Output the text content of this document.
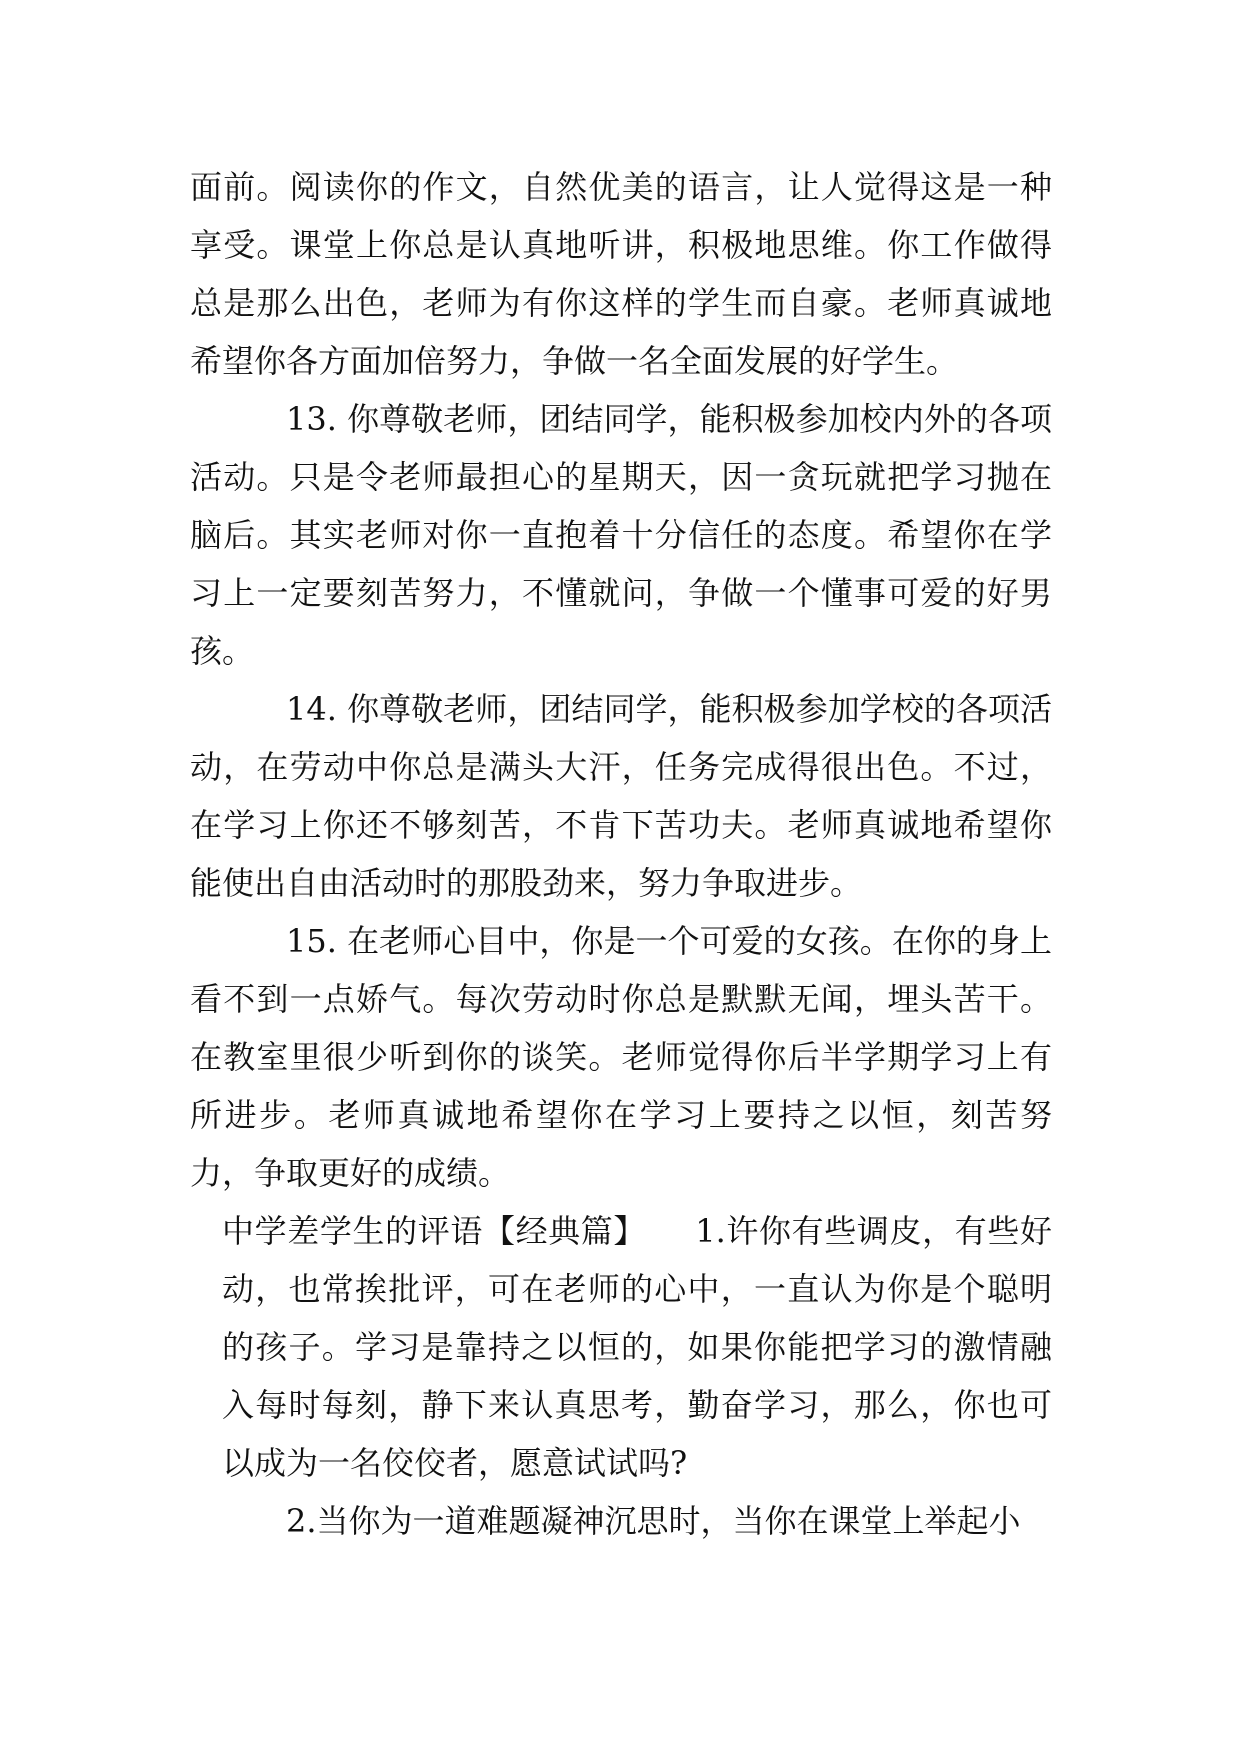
面前。阅读你的作文，自然优美的语言，让人觉得这是一种享受。课堂上你总是认真地听讲，积极地思维。你工作做得总是那么出色，老师为有你这样的学生而自豪。老师真诚地希望你各方面加倍努力，争做一名全面发展的好学生。

13. 你尊敬老师，团结同学，能积极参加校内外的各项活动。只是令老师最担心的星期天，因一贪玩就把学习抛在脑后。其实老师对你一直抱着十分信任的态度。希望你在学习上一定要刻苦努力，不懂就问，争做一个懂事可爱的好男孩。

14. 你尊敬老师，团结同学，能积极参加学校的各项活动，在劳动中你总是满头大汗，任务完成得很出色。不过，在学习上你还不够刻苦，不肯下苦功夫。老师真诚地希望你能使出自由活动时的那股劲来，努力争取进步。

15. 在老师心目中，你是一个可爱的女孩。在你的身上看不到一点娇气。每次劳动时你总是默默无闻，埋头苦干。在教室里很少听到你的谈笑。老师觉得你后半学期学习上有所进步。老师真诚地希望你在学习上要持之以恒，刻苦努力，争取更好的成绩。

中学差学生的评语【经典篇】　　1.许你有些调皮，有些好动，也常挨批评，可在老师的心中，一直认为你是个聪明的孩子。学习是靠持之以恒的，如果你能把学习的激情融入每时每刻，静下来认真思考，勤奋学习，那么，你也可以成为一名佼佼者，愿意试试吗?

2.当你为一道难题凝神沉思时，当你在课堂上举起小
